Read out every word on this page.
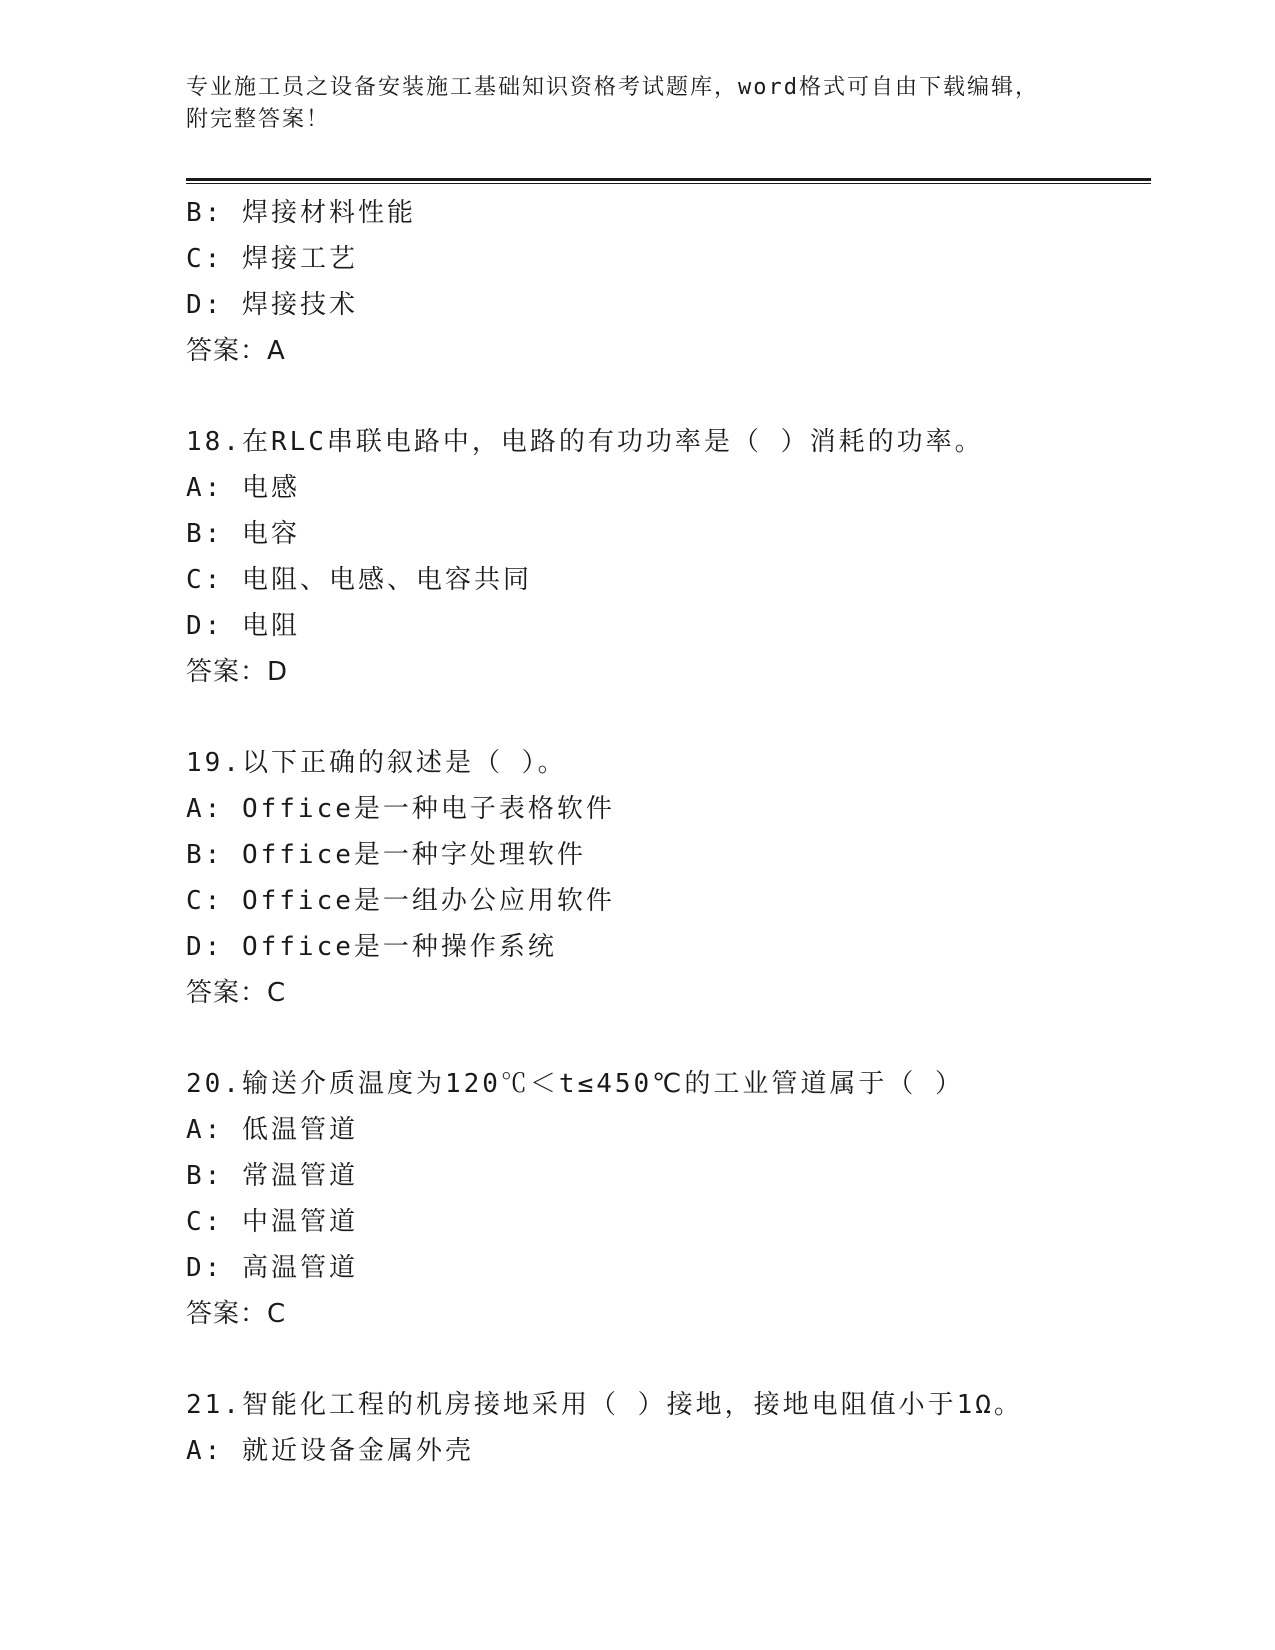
专业施工员之设备安装施工基础知识资格考试题库，word格式可自由下载编辑，
附完整答案！
B: 焊接材料性能
C: 焊接工艺
D: 焊接技术
答案：A
18.在RLC串联电路中，电路的有功功率是（ ）消耗的功率。
A: 电感
B: 电容
C: 电阻、电感、电容共同
D: 电阻
答案：D
19.以下正确的叙述是（ ）。
A: Office是一种电子表格软件
B: Office是一种字处理软件
C: Office是一组办公应用软件
D: Office是一种操作系统
答案：C
20.输送介质温度为120℃＜t≤450℃的工业管道属于（ ）
A: 低温管道
B: 常温管道
C: 中温管道
D: 高温管道
答案：C
21.智能化工程的机房接地采用（ ）接地，接地电阻值小于1Ω。
A: 就近设备金属外壳
